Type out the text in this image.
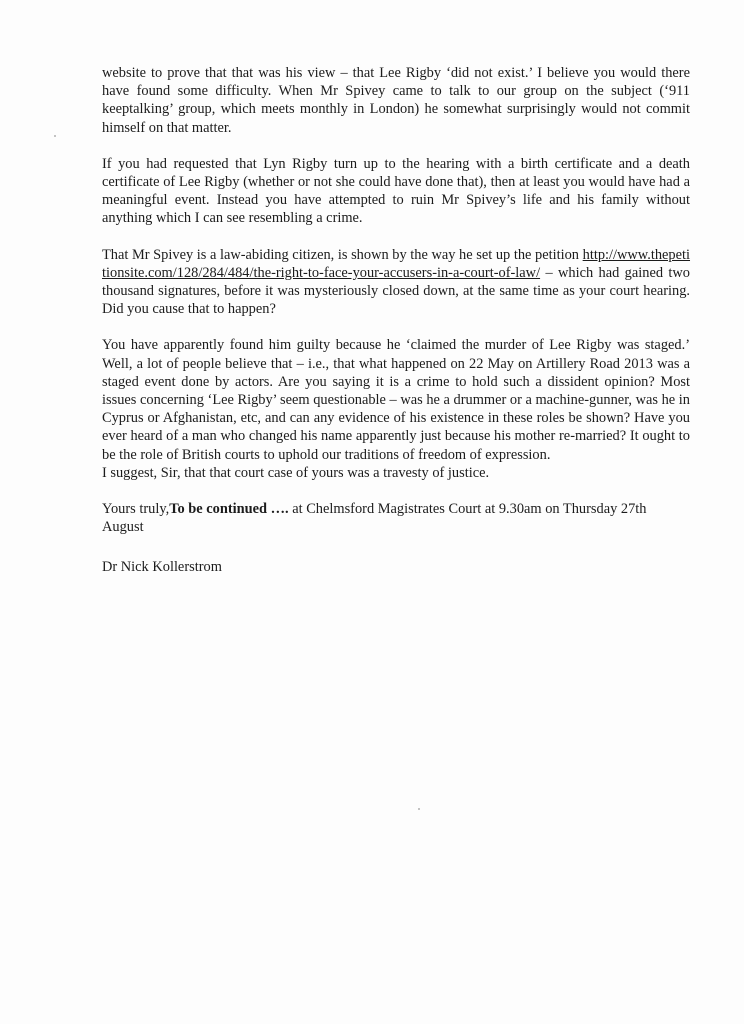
website to prove that that was his view – that Lee Rigby ‘did not exist.’ I believe you would there have found some difficulty. When Mr Spivey came to talk to our group on the subject (‘911 keeptalking’ group, which meets monthly in London) he somewhat surprisingly would not commit himself on that matter.

If you had requested that Lyn Rigby turn up to the hearing with a birth certificate and a death certificate of Lee Rigby (whether or not she could have done that), then at least you would have had a meaningful event. Instead you have attempted to ruin Mr Spivey’s life and his family without anything which I can see resembling a crime.

That Mr Spivey is a law-abiding citizen, is shown by the way he set up the petition http://www.thepetitionsite.com/128/284/484/the-right-to-face-your-accusers-in-a-court-of-law/ – which had gained two thousand signatures, before it was mysteriously closed down, at the same time as your court hearing. Did you cause that to happen?

You have apparently found him guilty because he ‘claimed the murder of Lee Rigby was staged.’ Well, a lot of people believe that – i.e., that what happened on 22 May on Artillery Road 2013 was a staged event done by actors. Are you saying it is a crime to hold such a dissident opinion? Most issues concerning ‘Lee Rigby’ seem questionable – was he a drummer or a machine-gunner, was he in Cyprus or Afghanistan, etc, and can any evidence of his existence in these roles be shown? Have you ever heard of a man who changed his name apparently just because his mother re-married? It ought to be the role of British courts to uphold our traditions of freedom of expression.
I suggest, Sir, that that court case of yours was a travesty of justice.

Yours truly,To be continued …. at Chelmsford Magistrates Court at 9.30am on Thursday 27th August

Dr Nick Kollerstrom
